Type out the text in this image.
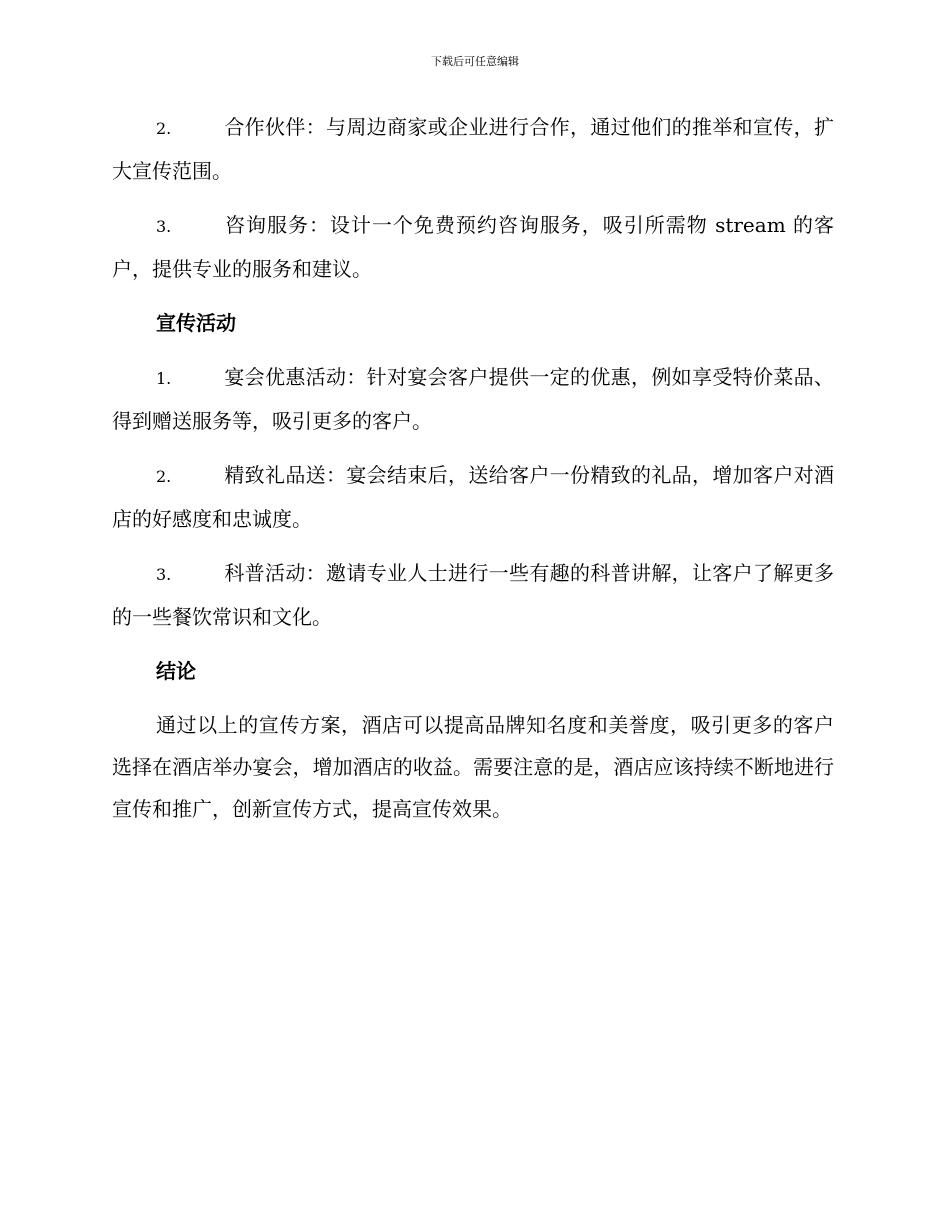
下载后可任意编辑

2.	合作伙伴：与周边商家或企业进行合作，通过他们的推举和宣传，扩大宣传范围。

3.	咨询服务：设计一个免费预约咨询服务，吸引所需物 stream 的客户，提供专业的服务和建议。

宣传活动

1.	宴会优惠活动：针对宴会客户提供一定的优惠，例如享受特价菜品、得到赠送服务等，吸引更多的客户。

2.	精致礼品送：宴会结束后，送给客户一份精致的礼品，增加客户对酒店的好感度和忠诚度。

3.	科普活动：邀请专业人士进行一些有趣的科普讲解，让客户了解更多的一些餐饮常识和文化。

结论

通过以上的宣传方案，酒店可以提高品牌知名度和美誉度，吸引更多的客户选择在酒店举办宴会，增加酒店的收益。需要注意的是，酒店应该持续不断地进行宣传和推广，创新宣传方式，提高宣传效果。
